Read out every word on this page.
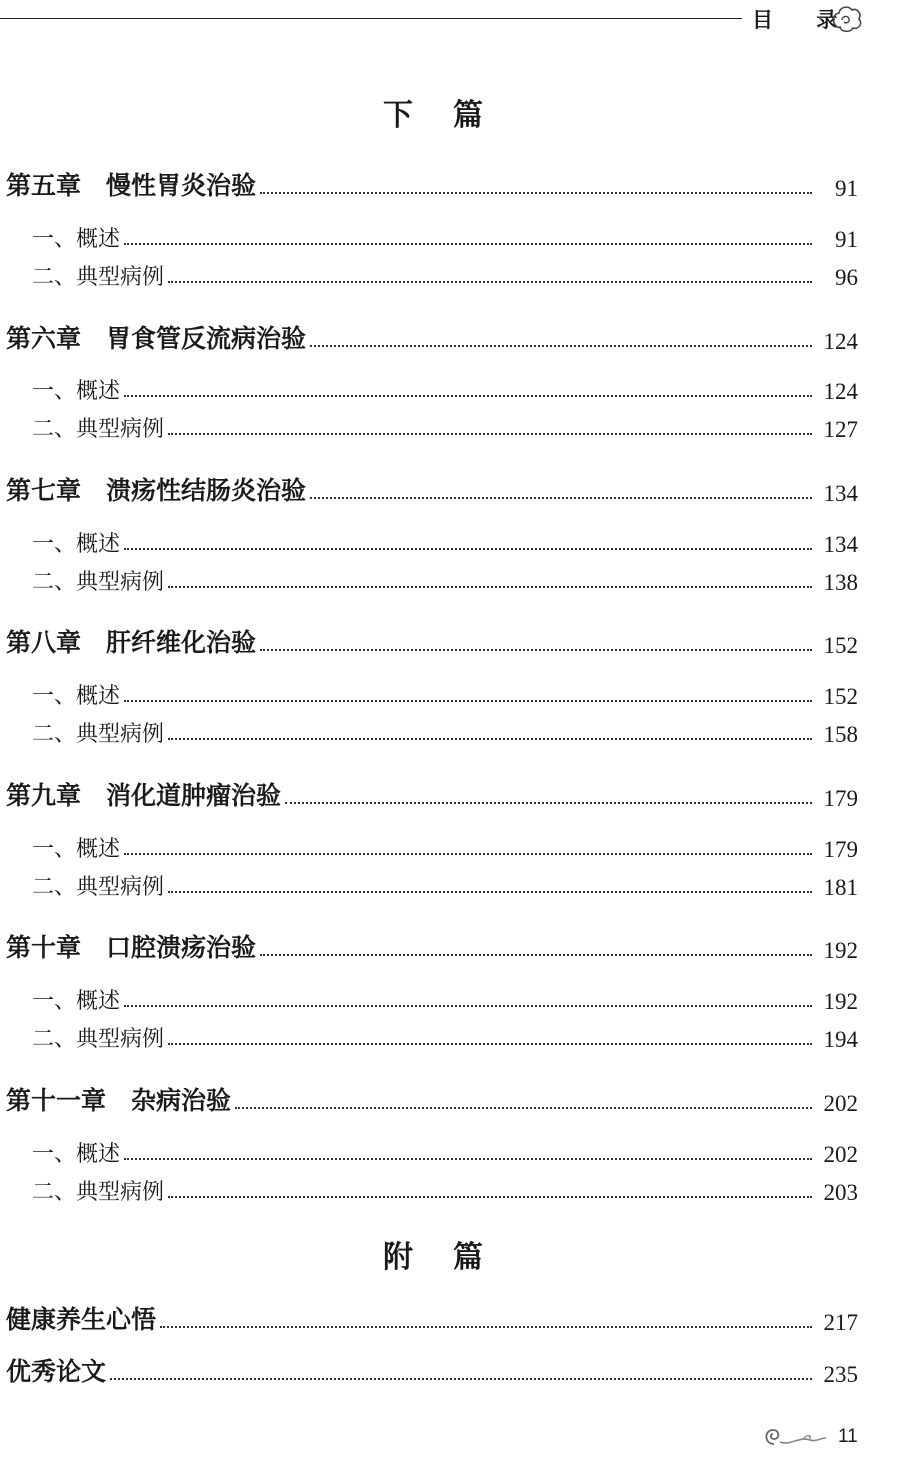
目 录
下篇
附篇
第五章　慢性胃炎治验	91
一、概述	91
二、典型病例	96
第六章　胃食管反流病治验	124
一、概述	124
二、典型病例	127
第七章　溃疡性结肠炎治验	134
一、概述	134
二、典型病例	138
第八章　肝纤维化治验	152
一、概述	152
二、典型病例	158
第九章　消化道肿瘤治验	179
一、概述	179
二、典型病例	181
第十章　口腔溃疡治验	192
一、概述	192
二、典型病例	194
第十一章　杂病治验	202
一、概述	202
二、典型病例	203
健康养生心悟	217
优秀论文	235
11
